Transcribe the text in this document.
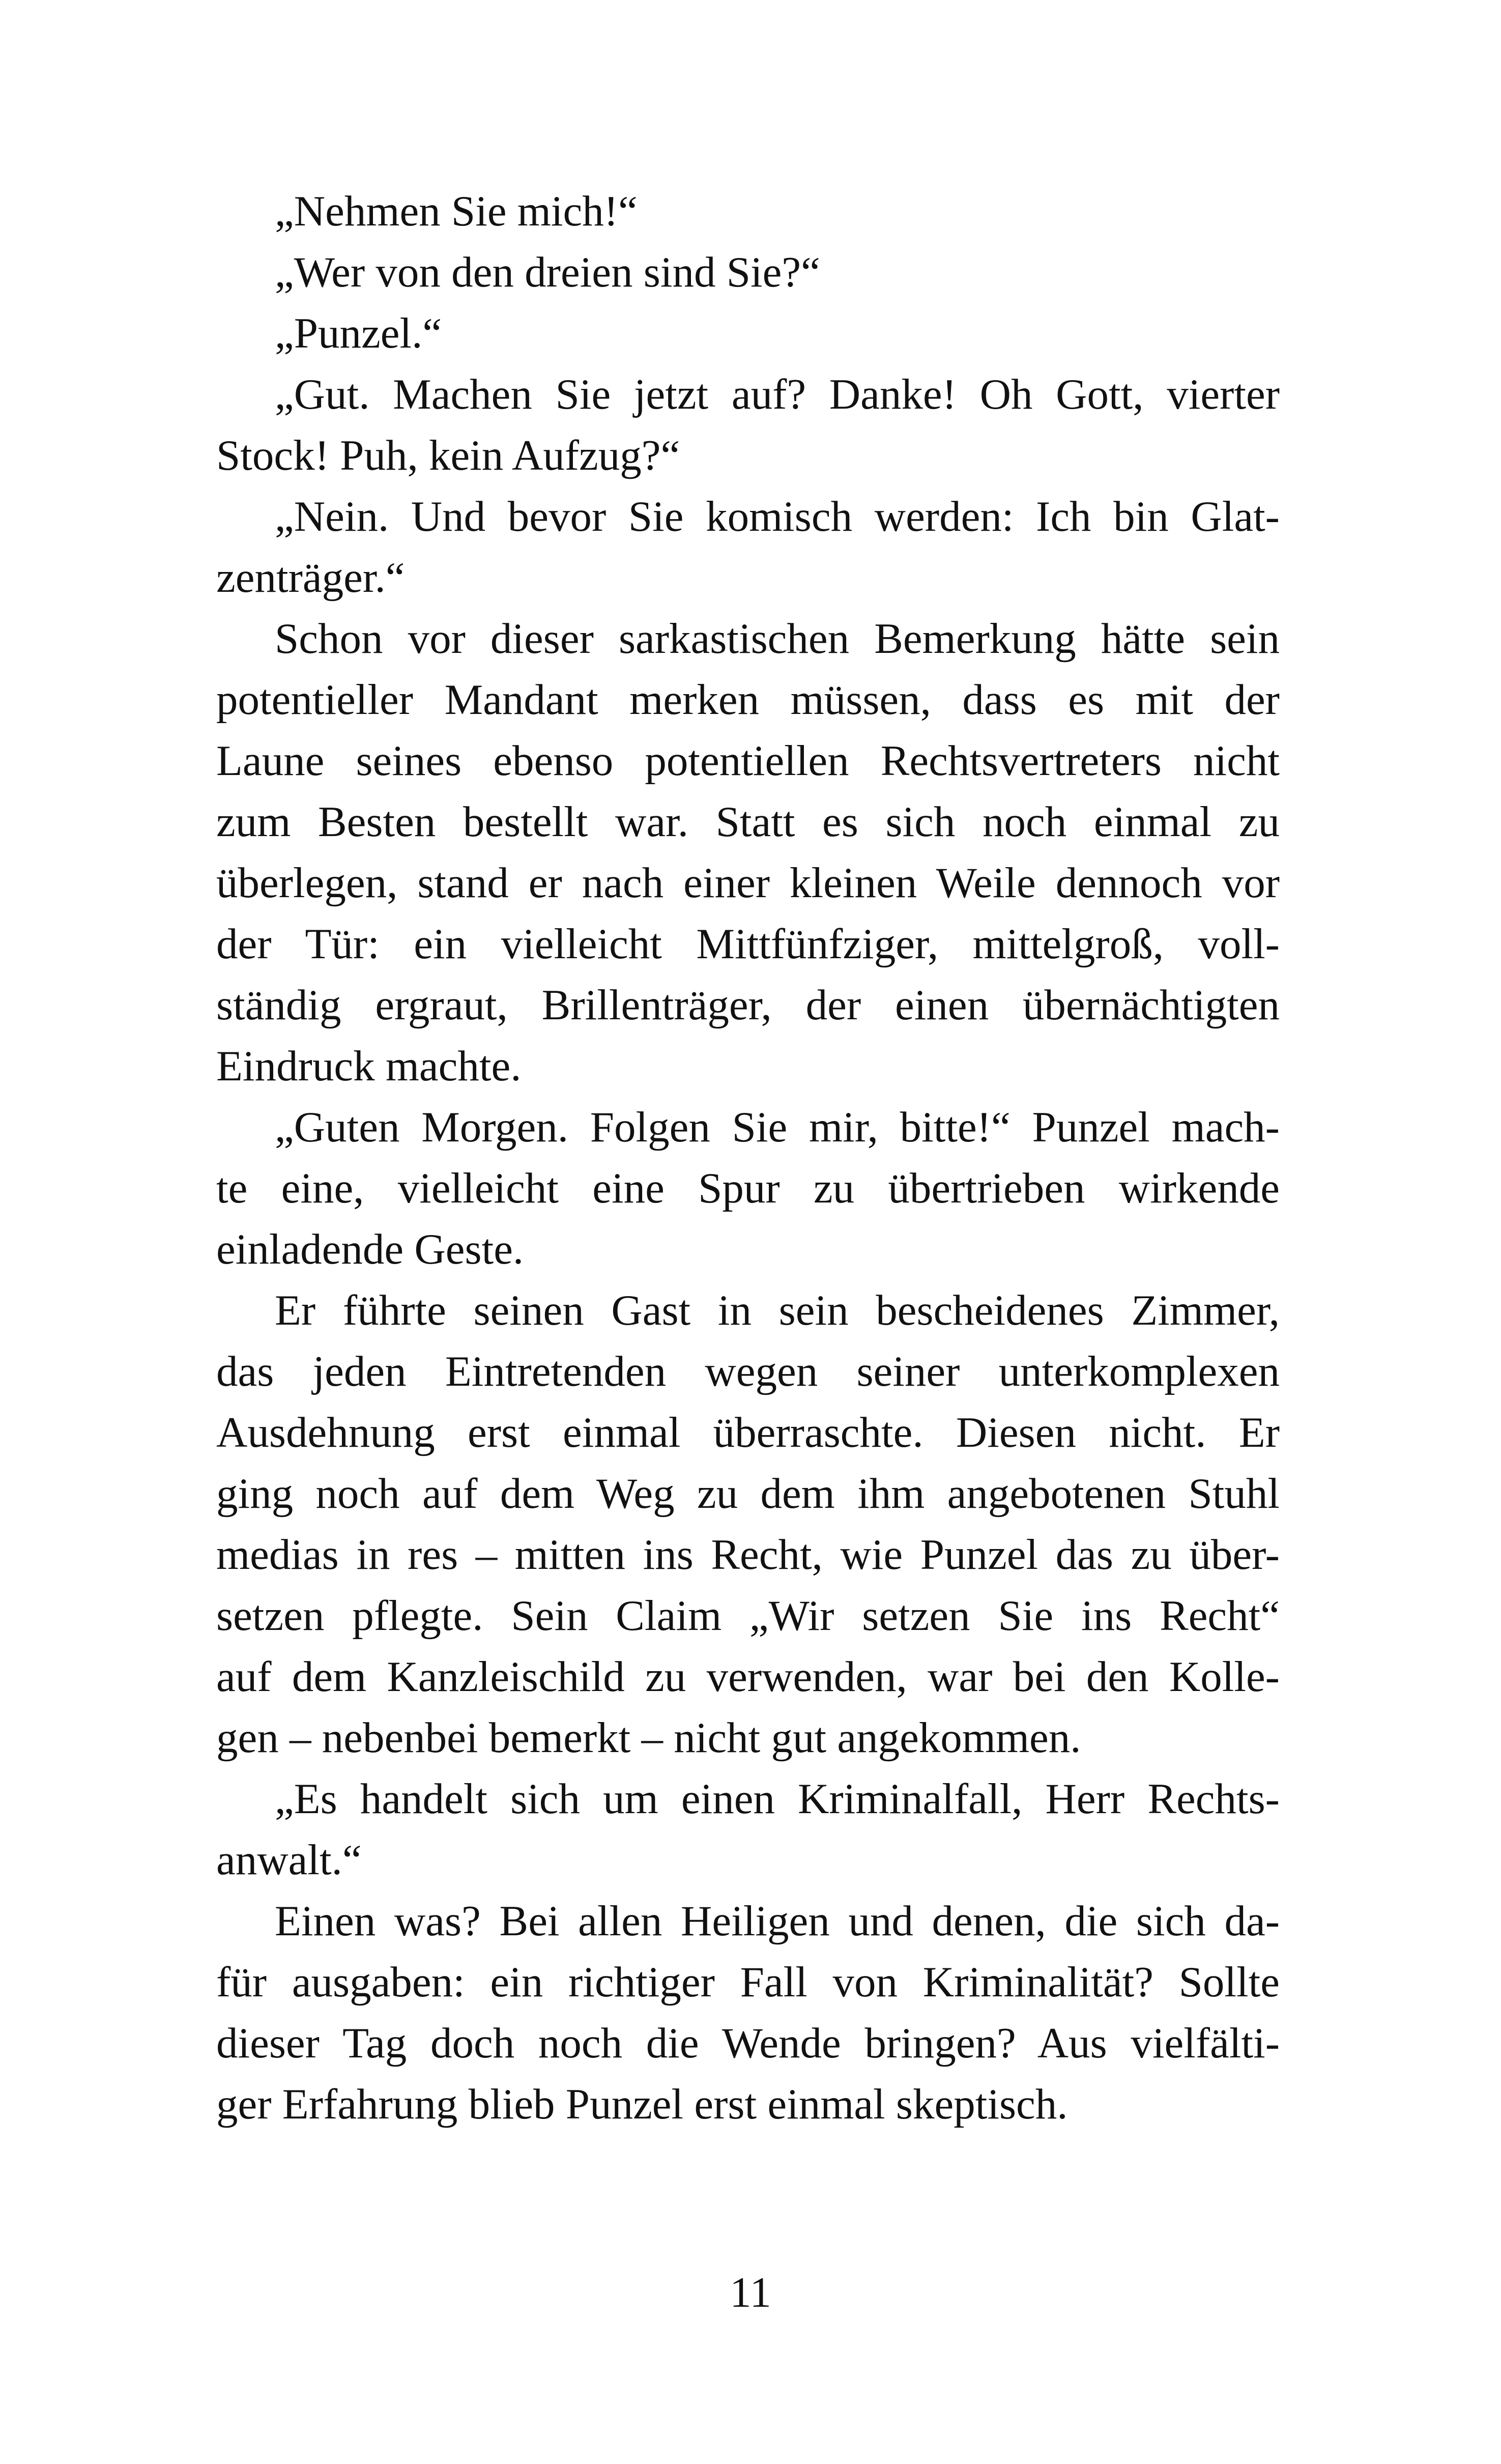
„Nehmen Sie mich!“
„Wer von den dreien sind Sie?“
„Punzel.“
„Gut. Machen Sie jetzt auf? Danke! Oh Gott, vierter
Stock! Puh, kein Aufzug?“
„Nein. Und bevor Sie komisch werden: Ich bin Glat-
zenträger.“
Schon vor dieser sarkastischen Bemerkung hätte sein
potentieller Mandant merken müssen, dass es mit der
Laune seines ebenso potentiellen Rechtsvertreters nicht
zum Besten bestellt war. Statt es sich noch einmal zu
überlegen, stand er nach einer kleinen Weile dennoch vor
der Tür: ein vielleicht Mittfünfziger, mittelgroß, voll-
ständig ergraut, Brillenträger, der einen übernächtigten
Eindruck machte.
„Guten Morgen. Folgen Sie mir, bitte!“ Punzel mach-
te eine, vielleicht eine Spur zu übertrieben wirkende
einladende Geste.
Er führte seinen Gast in sein bescheidenes Zimmer,
das jeden Eintretenden wegen seiner unterkomplexen
Ausdehnung erst einmal überraschte. Diesen nicht. Er
ging noch auf dem Weg zu dem ihm angebotenen Stuhl
medias in res – mitten ins Recht, wie Punzel das zu über-
setzen pflegte. Sein Claim „Wir setzen Sie ins Recht“
auf dem Kanzleischild zu verwenden, war bei den Kolle-
gen – nebenbei bemerkt – nicht gut angekommen.
„Es handelt sich um einen Kriminalfall, Herr Rechts-
anwalt.“
Einen was? Bei allen Heiligen und denen, die sich da-
für ausgaben: ein richtiger Fall von Kriminalität? Sollte
dieser Tag doch noch die Wende bringen? Aus vielfälti-
ger Erfahrung blieb Punzel erst einmal skeptisch.
11
